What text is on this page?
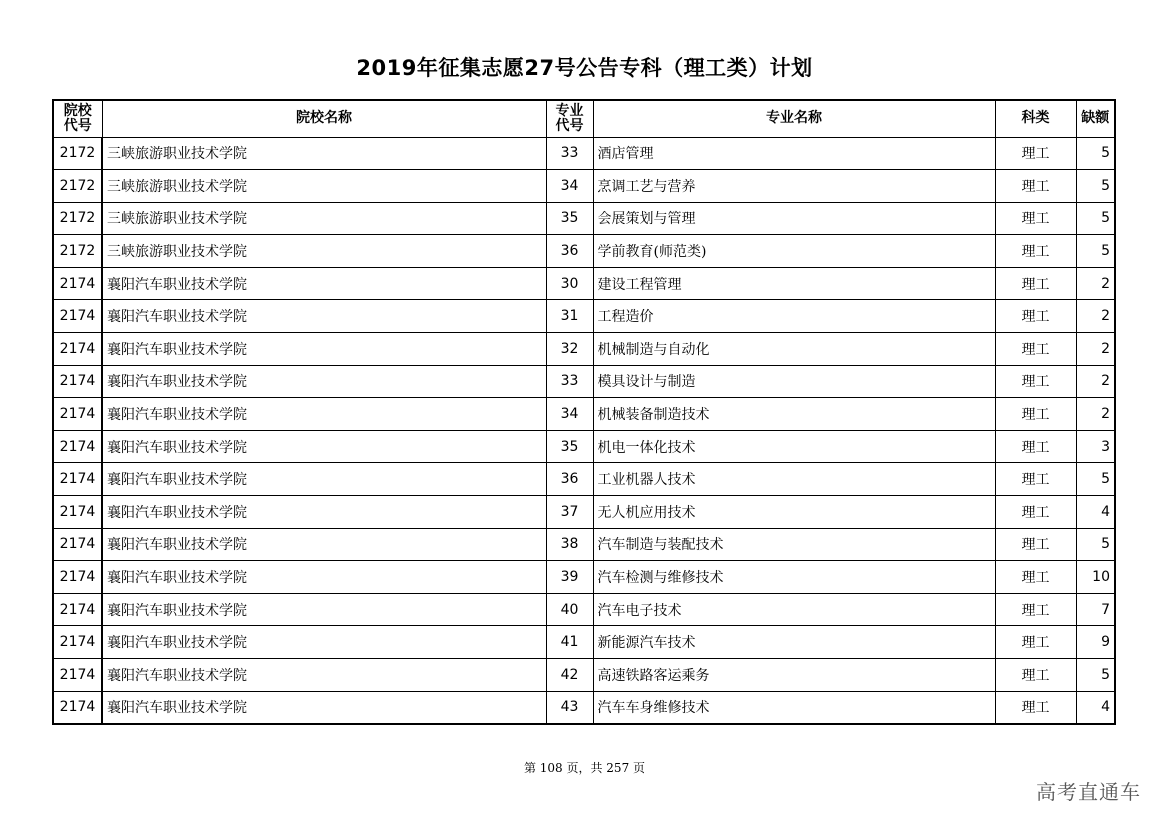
2019年征集志愿27号公告专科（理工类）计划
院校代号	院校名称	专业代号	专业名称	科类	缺额
2172	三峡旅游职业技术学院	33	酒店管理	理工	5
2172	三峡旅游职业技术学院	34	烹调工艺与营养	理工	5
2172	三峡旅游职业技术学院	35	会展策划与管理	理工	5
2172	三峡旅游职业技术学院	36	学前教育(师范类)	理工	5
2174	襄阳汽车职业技术学院	30	建设工程管理	理工	2
2174	襄阳汽车职业技术学院	31	工程造价	理工	2
2174	襄阳汽车职业技术学院	32	机械制造与自动化	理工	2
2174	襄阳汽车职业技术学院	33	模具设计与制造	理工	2
2174	襄阳汽车职业技术学院	34	机械装备制造技术	理工	2
2174	襄阳汽车职业技术学院	35	机电一体化技术	理工	3
2174	襄阳汽车职业技术学院	36	工业机器人技术	理工	5
2174	襄阳汽车职业技术学院	37	无人机应用技术	理工	4
2174	襄阳汽车职业技术学院	38	汽车制造与装配技术	理工	5
2174	襄阳汽车职业技术学院	39	汽车检测与维修技术	理工	10
2174	襄阳汽车职业技术学院	40	汽车电子技术	理工	7
2174	襄阳汽车职业技术学院	41	新能源汽车技术	理工	9
2174	襄阳汽车职业技术学院	42	高速铁路客运乘务	理工	5
2174	襄阳汽车职业技术学院	43	汽车车身维修技术	理工	4
第 108 页，共 257 页
高考直通车
